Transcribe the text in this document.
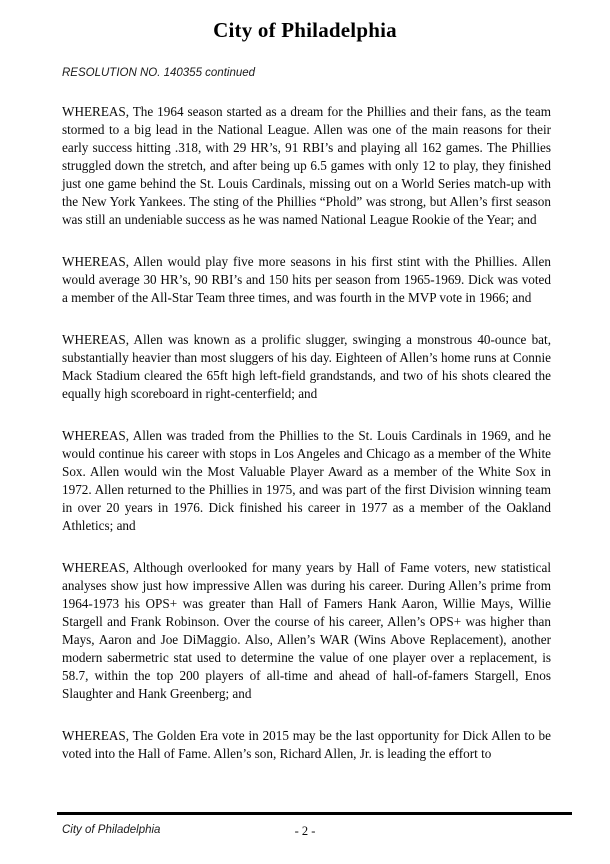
City of Philadelphia
RESOLUTION NO. 140355 continued

WHEREAS, The 1964 season started as a dream for the Phillies and their fans, as the team stormed to a big lead in the National League. Allen was one of the main reasons for their early success hitting .318, with 29 HR’s, 91 RBI’s and playing all 162 games. The Phillies struggled down the stretch, and after being up 6.5 games with only 12 to play, they finished just one game behind the St. Louis Cardinals, missing out on a World Series match-up with the New York Yankees. The sting of the Phillies “Phold” was strong, but Allen’s first season was still an undeniable success as he was named National League Rookie of the Year; and

WHEREAS, Allen would play five more seasons in his first stint with the Phillies. Allen would average 30 HR’s, 90 RBI’s and 150 hits per season from 1965-1969. Dick was voted a member of the All-Star Team three times, and was fourth in the MVP vote in 1966; and

WHEREAS, Allen was known as a prolific slugger, swinging a monstrous 40-ounce bat, substantially heavier than most sluggers of his day. Eighteen of Allen’s home runs at Connie Mack Stadium cleared the 65ft high left-field grandstands, and two of his shots cleared the equally high scoreboard in right-centerfield; and

WHEREAS, Allen was traded from the Phillies to the St. Louis Cardinals in 1969, and he would continue his career with stops in Los Angeles and Chicago as a member of the White Sox. Allen would win the Most Valuable Player Award as a member of the White Sox in 1972. Allen returned to the Phillies in 1975, and was part of the first Division winning team in over 20 years in 1976. Dick finished his career in 1977 as a member of the Oakland Athletics; and

WHEREAS, Although overlooked for many years by Hall of Fame voters, new statistical analyses show just how impressive Allen was during his career. During Allen’s prime from 1964-1973 his OPS+ was greater than Hall of Famers Hank Aaron, Willie Mays, Willie Stargell and Frank Robinson. Over the course of his career, Allen’s OPS+ was higher than Mays, Aaron and Joe DiMaggio. Also, Allen’s WAR (Wins Above Replacement), another modern sabermetric stat used to determine the value of one player over a replacement, is 58.7, within the top 200 players of all-time and ahead of hall-of-famers Stargell, Enos Slaughter and Hank Greenberg; and

WHEREAS, The Golden Era vote in 2015 may be the last opportunity for Dick Allen to be voted into the Hall of Fame. Allen’s son, Richard Allen, Jr. is leading the effort to

City of Philadelphia	- 2 -
